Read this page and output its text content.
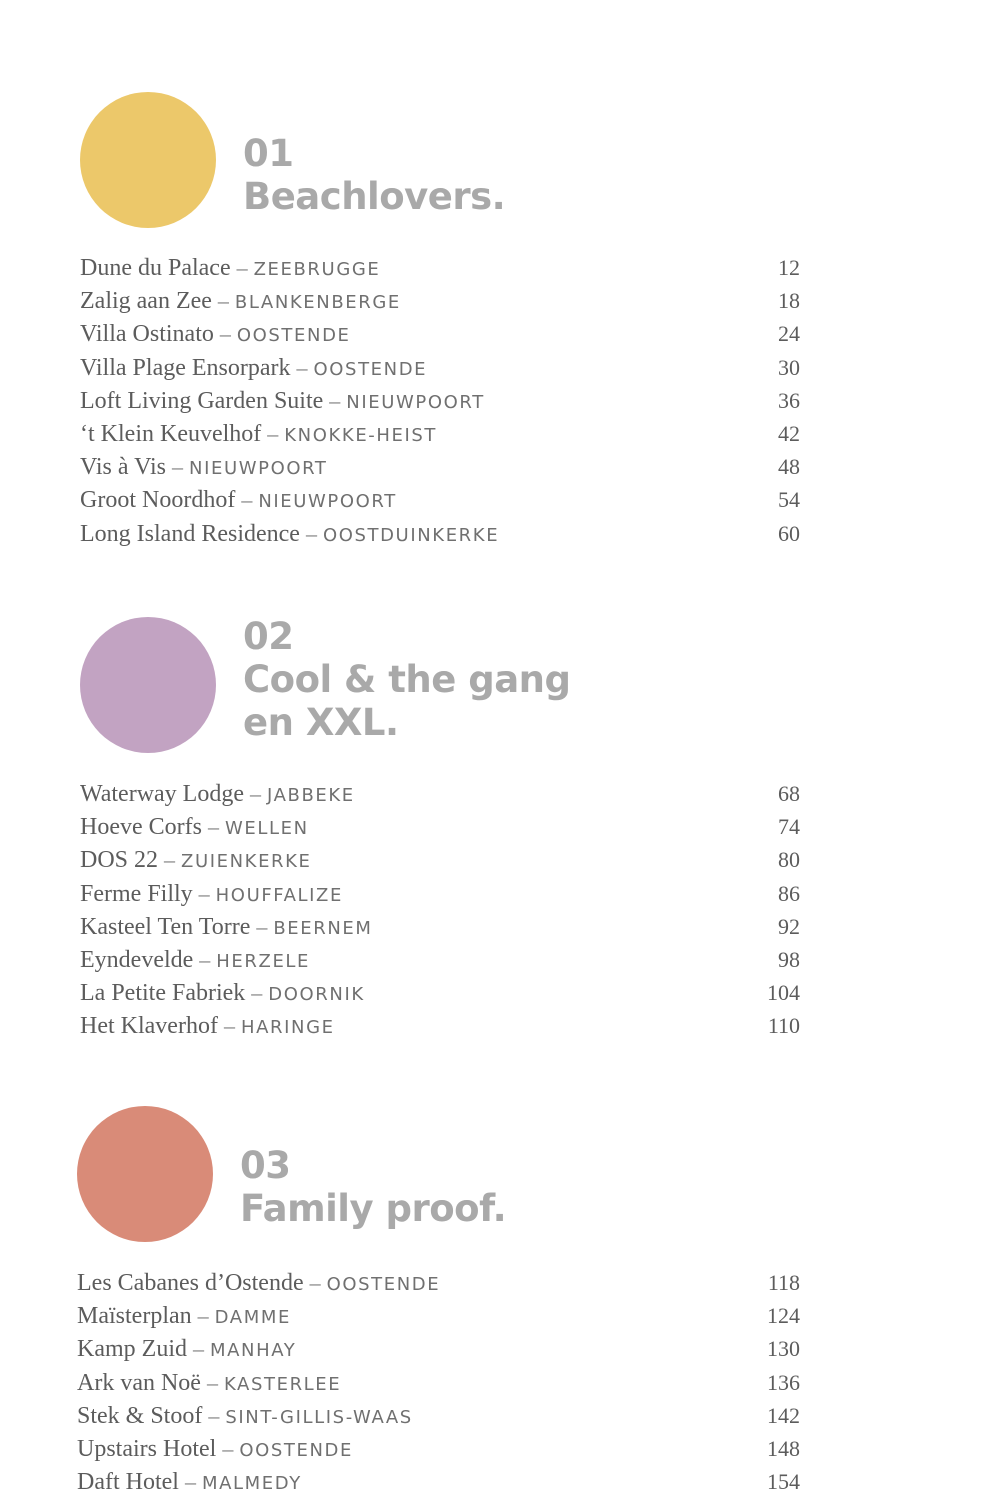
01
Beachlovers.
Dune du Palace – ZEEBRUGGE	12
Zalig aan Zee – BLANKENBERGE	18
Villa Ostinato – OOSTENDE	24
Villa Plage Ensorpark – OOSTENDE	30
Loft Living Garden Suite – NIEUWPOORT	36
‘t Klein Keuvelhof – KNOKKE-HEIST	42
Vis à Vis – NIEUWPOORT	48
Groot Noordhof – NIEUWPOORT	54
Long Island Residence – OOSTDUINKERKE	60
02
Cool & the gang
en XXL.
Waterway Lodge – JABBEKE	68
Hoeve Corfs – WELLEN	74
DOS 22 – ZUIENKERKE	80
Ferme Filly – HOUFFALIZE	86
Kasteel Ten Torre – BEERNEM	92
Eyndevelde – HERZELE	98
La Petite Fabriek – DOORNIK	104
Het Klaverhof – HARINGE	110
03
Family proof.
Les Cabanes d’Ostende – OOSTENDE	118
Maïsterplan – DAMME	124
Kamp Zuid – MANHAY	130
Ark van Noë – KASTERLEE	136
Stek & Stoof – SINT-GILLIS-WAAS	142
Upstairs Hotel – OOSTENDE	148
Daft Hotel – MALMEDY	154
